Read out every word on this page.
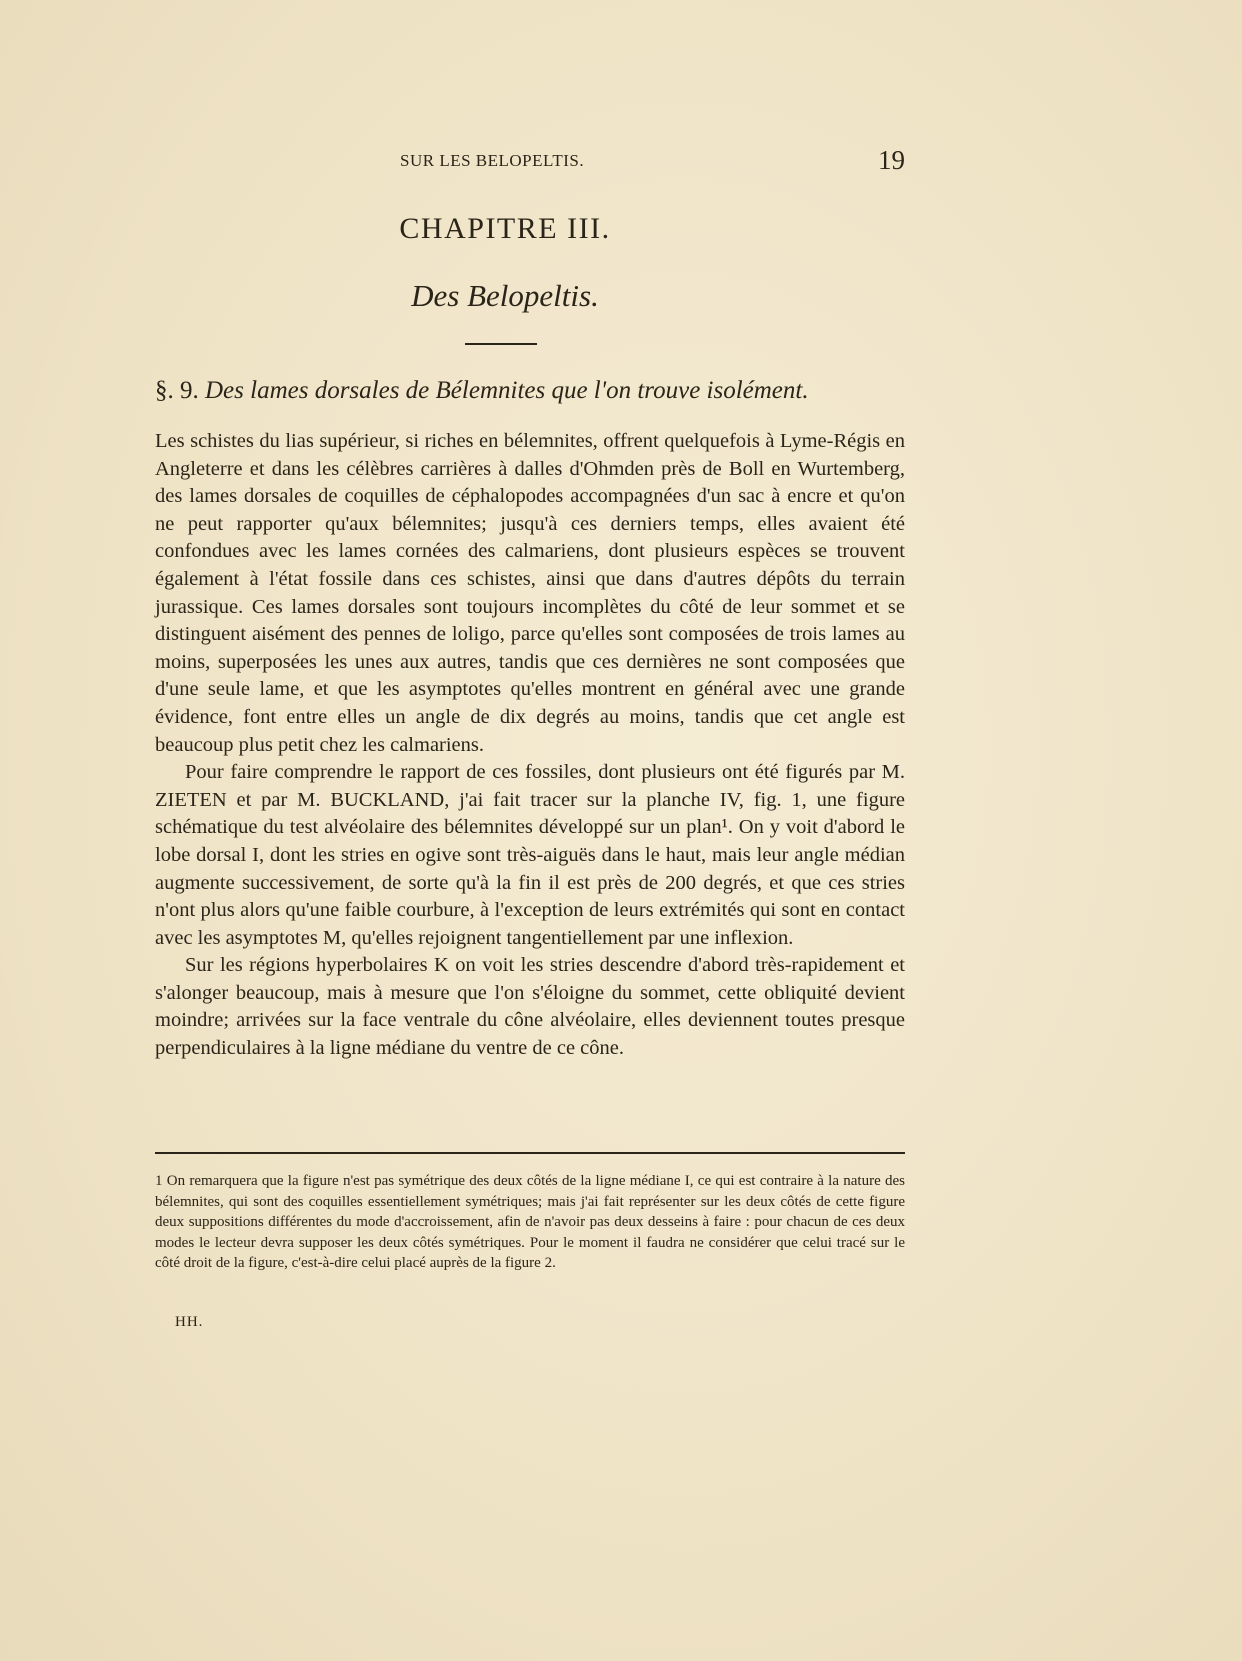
SUR LES BELOPELTIS.	19
CHAPITRE III.
Des Belopeltis.
§. 9. Des lames dorsales de Bélemnites que l'on trouve isolément.

Les schistes du lias supérieur, si riches en bélemnites, offrent quelquefois à Lyme-Régis en Angleterre et dans les célèbres carrières à dalles d'Ohmden près de Boll en Wurtemberg, des lames dorsales de coquilles de céphalopodes accompagnées d'un sac à encre et qu'on ne peut rapporter qu'aux bélemnites; jusqu'à ces derniers temps, elles avaient été confondues avec les lames cornées des calmariens, dont plusieurs espèces se trouvent également à l'état fossile dans ces schistes, ainsi que dans d'autres dépôts du terrain jurassique. Ces lames dorsales sont toujours incomplètes du côté de leur sommet et se distinguent aisément des pennes de loligo, parce qu'elles sont composées de trois lames au moins, superposées les unes aux autres, tandis que ces dernières ne sont composées que d'une seule lame, et que les asymptotes qu'elles montrent en général avec une grande évidence, font entre elles un angle de dix degrés au moins, tandis que cet angle est beaucoup plus petit chez les calmariens.

Pour faire comprendre le rapport de ces fossiles, dont plusieurs ont été figurés par M. ZIETEN et par M. BUCKLAND, j'ai fait tracer sur la planche IV, fig. 1, une figure schématique du test alvéolaire des bélemnites développé sur un plan¹. On y voit d'abord le lobe dorsal I, dont les stries en ogive sont très-aiguës dans le haut, mais leur angle médian augmente successivement, de sorte qu'à la fin il est près de 200 degrés, et que ces stries n'ont plus alors qu'une faible courbure, à l'exception de leurs extrémités qui sont en contact avec les asymptotes M, qu'elles rejoignent tangentiellement par une inflexion.

Sur les régions hyperbolaires K on voit les stries descendre d'abord très-rapidement et s'alonger beaucoup, mais à mesure que l'on s'éloigne du sommet, cette obliquité devient moindre; arrivées sur la face ventrale du cône alvéolaire, elles deviennent toutes presque perpendiculaires à la ligne médiane du ventre de ce cône.

1 On remarquera que la figure n'est pas symétrique des deux côtés de la ligne médiane I, ce qui est contraire à la nature des bélemnites, qui sont des coquilles essentiellement symétriques; mais j'ai fait représenter sur les deux côtés de cette figure deux suppositions différentes du mode d'accroissement, afin de n'avoir pas deux desseins à faire : pour chacun de ces deux modes le lecteur devra supposer les deux côtés symétriques. Pour le moment il faudra ne considérer que celui tracé sur le côté droit de la figure, c'est-à-dire celui placé auprès de la figure 2.
HH.
